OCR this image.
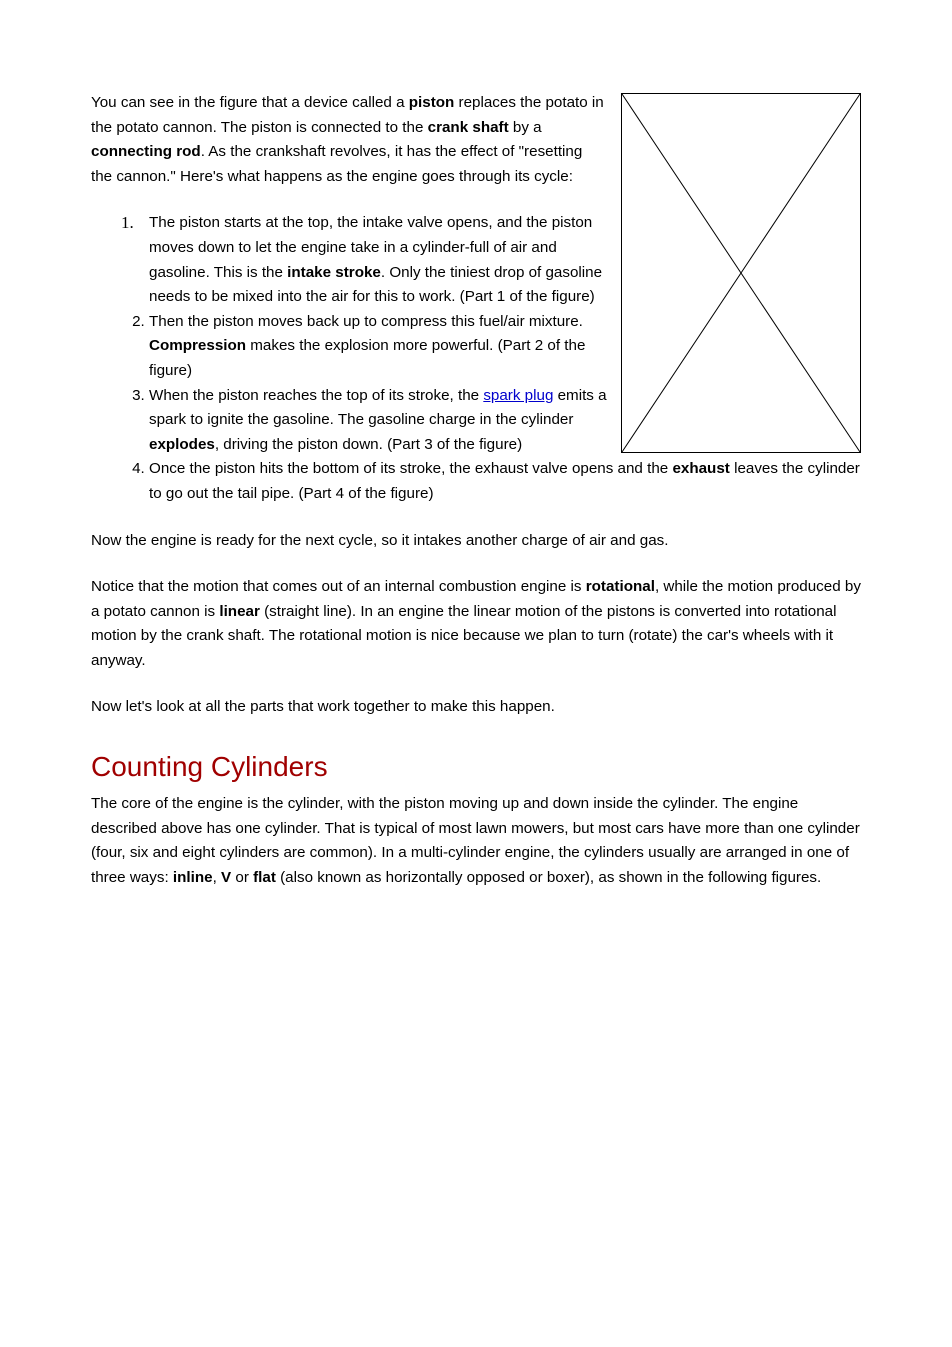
You can see in the figure that a device called a piston replaces the potato in the potato cannon. The piston is connected to the crank shaft by a connecting rod. As the crankshaft revolves, it has the effect of "resetting the cannon." Here's what happens as the engine goes through its cycle:

1. The piston starts at the top, the intake valve opens, and the piston moves down to let the engine take in a cylinder-full of air and gasoline. This is the intake stroke. Only the tiniest drop of gasoline needs to be mixed into the air for this to work. (Part 1 of the figure)
2. Then the piston moves back up to compress this fuel/air mixture. Compression makes the explosion more powerful. (Part 2 of the figure)
3. When the piston reaches the top of its stroke, the spark plug emits a spark to ignite the gasoline. The gasoline charge in the cylinder explodes, driving the piston down. (Part 3 of the figure)
4. Once the piston hits the bottom of its stroke, the exhaust valve opens and the exhaust leaves the cylinder to go out the tail pipe. (Part 4 of the figure)

Now the engine is ready for the next cycle, so it intakes another charge of air and gas.

Notice that the motion that comes out of an internal combustion engine is rotational, while the motion produced by a potato cannon is linear (straight line). In an engine the linear motion of the pistons is converted into rotational motion by the crank shaft. The rotational motion is nice because we plan to turn (rotate) the car's wheels with it anyway.

Now let's look at all the parts that work together to make this happen.

Counting Cylinders

The core of the engine is the cylinder, with the piston moving up and down inside the cylinder. The engine described above has one cylinder. That is typical of most lawn mowers, but most cars have more than one cylinder (four, six and eight cylinders are common). In a multi-cylinder engine, the cylinders usually are arranged in one of three ways: inline, V or flat (also known as horizontally opposed or boxer), as shown in the following figures.
